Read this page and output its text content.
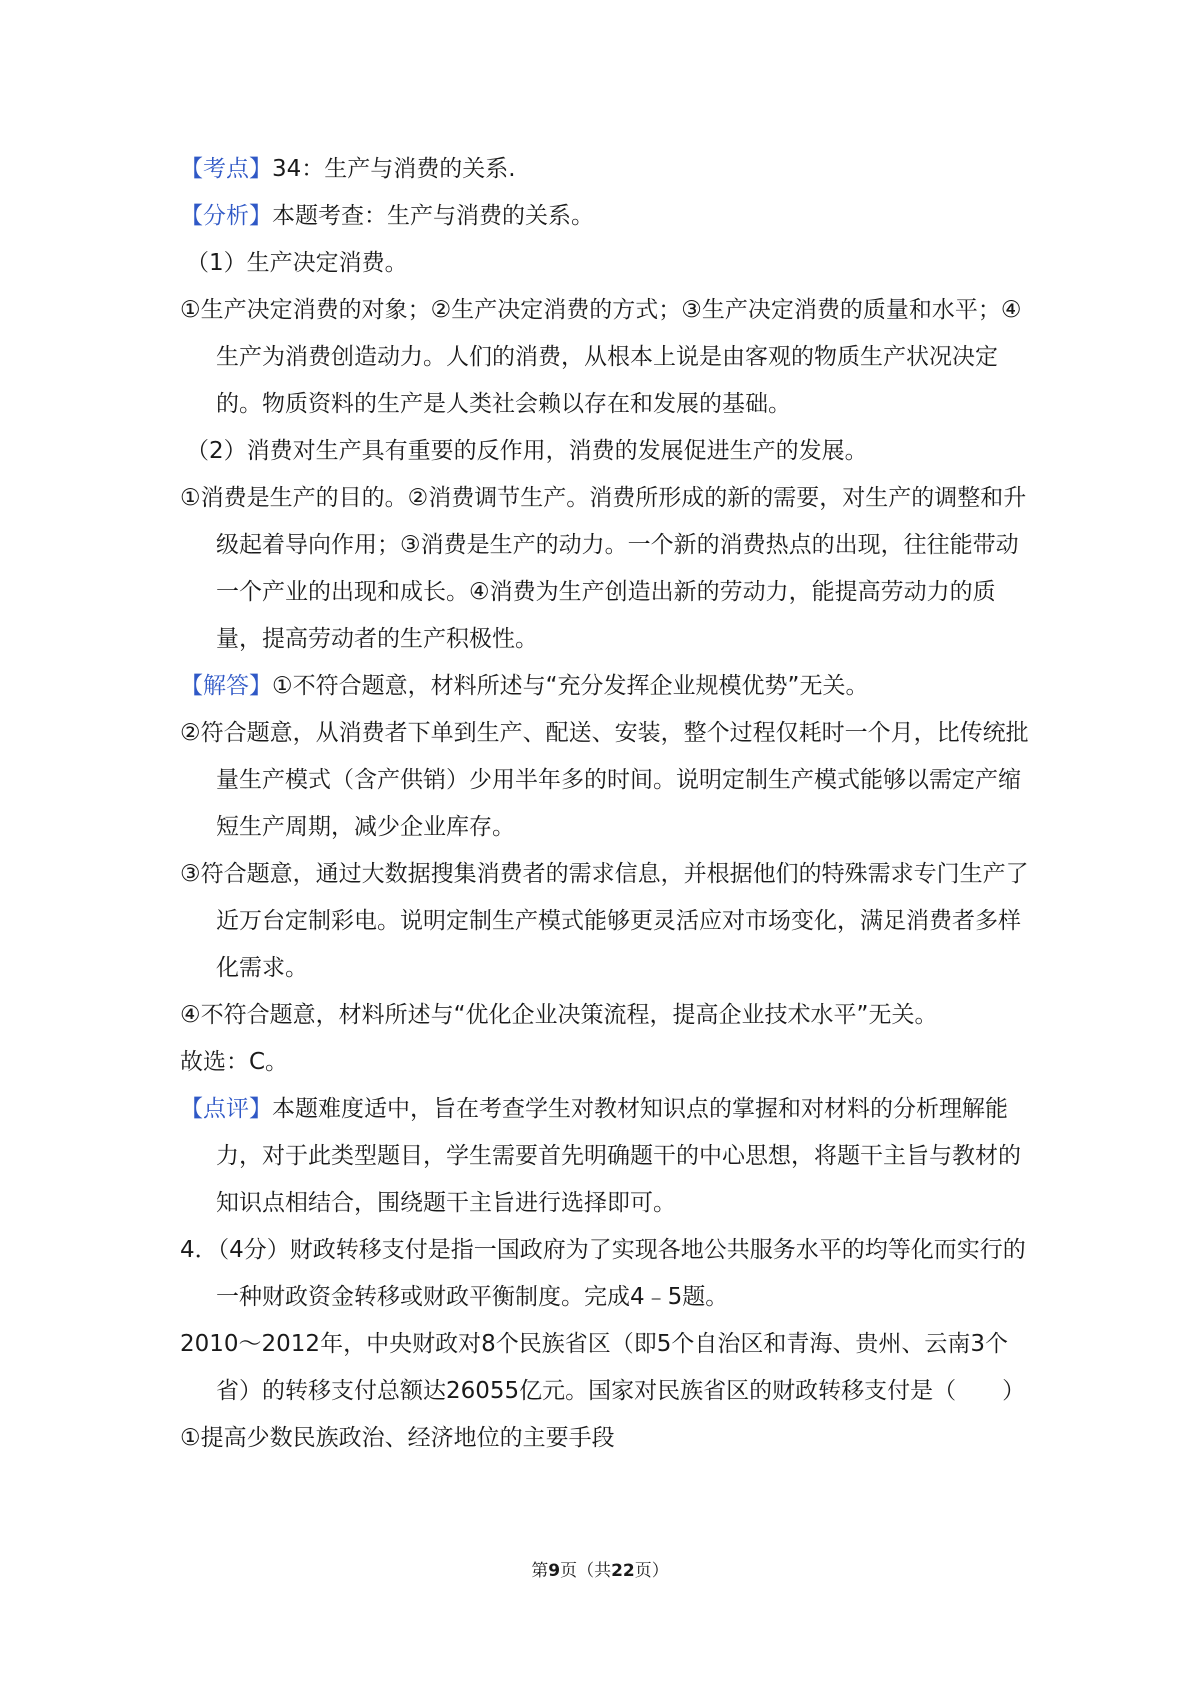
【考点】34：生产与消费的关系.

【分析】本题考查：生产与消费的关系。

（1）生产决定消费。

①生产决定消费的对象；②生产决定消费的方式；③生产决定消费的质量和水平；④生产为消费创造动力。人们的消费，从根本上说是由客观的物质生产状况决定的。物质资料的生产是人类社会赖以存在和发展的基础。

（2）消费对生产具有重要的反作用，消费的发展促进生产的发展。

①消费是生产的目的。②消费调节生产。消费所形成的新的需要，对生产的调整和升级起着导向作用；③消费是生产的动力。一个新的消费热点的出现，往往能带动一个产业的出现和成长。④消费为生产创造出新的劳动力，能提高劳动力的质量，提高劳动者的生产积极性。

【解答】①不符合题意，材料所述与“充分发挥企业规模优势”无关。

②符合题意，从消费者下单到生产、配送、安装，整个过程仅耗时一个月，比传统批量生产模式（含产供销）少用半年多的时间。说明定制生产模式能够以需定产缩短生产周期，减少企业库存。

③符合题意，通过大数据搜集消费者的需求信息，并根据他们的特殊需求专门生产了近万台定制彩电。说明定制生产模式能够更灵活应对市场变化，满足消费者多样化需求。

④不符合题意，材料所述与“优化企业决策流程，提高企业技术水平”无关。

故选：C。

【点评】本题难度适中，旨在考查学生对教材知识点的掌握和对材料的分析理解能力，对于此类型题目，学生需要首先明确题干的中心思想，将题干主旨与教材的知识点相结合，围绕题干主旨进行选择即可。

4．（4分）财政转移支付是指一国政府为了实现各地公共服务水平的均等化而实行的一种财政资金转移或财政平衡制度。完成4﹣5题。

2010～2012年，中央财政对8个民族省区（即5个自治区和青海、贵州、云南3个省）的转移支付总额达26055亿元。国家对民族省区的财政转移支付是（　　）

①提高少数民族政治、经济地位的主要手段

第9页（共22页）
